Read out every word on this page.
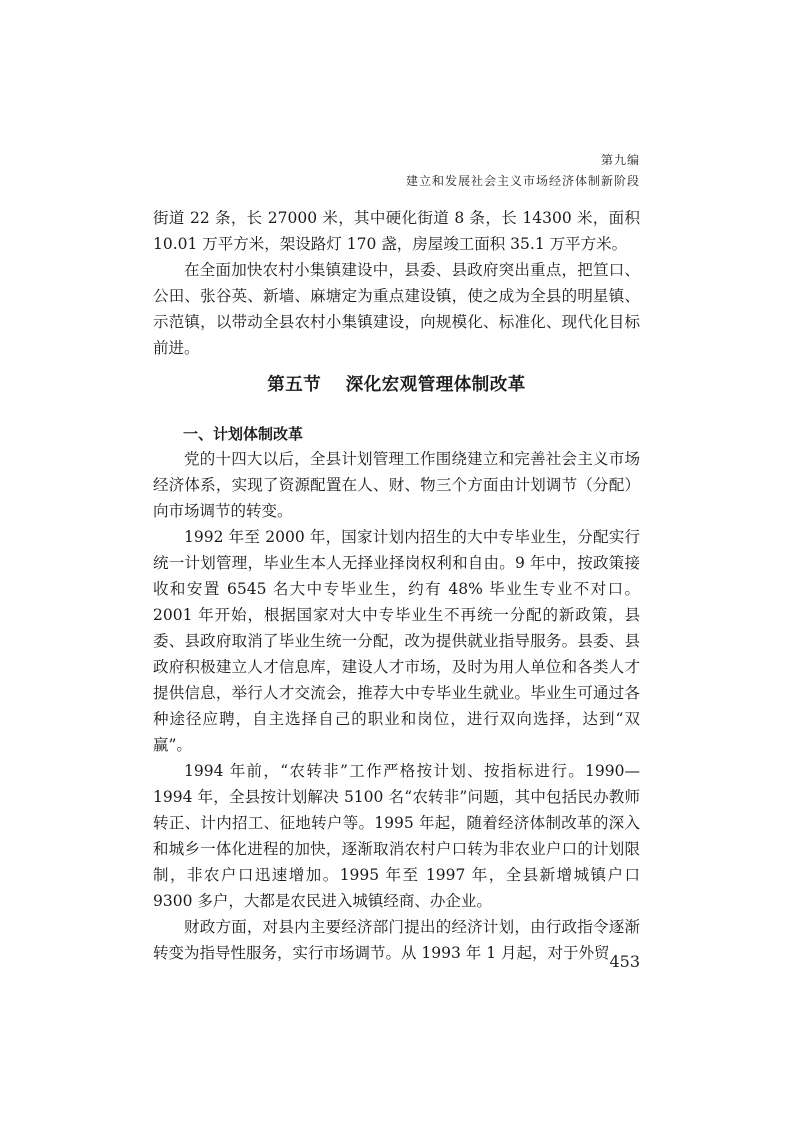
第九编
建立和发展社会主义市场经济体制新阶段

街道 22 条，长 27000 米，其中硬化街道 8 条，长 14300 米，面积 10.01 万平方米，架设路灯 170 盏，房屋竣工面积 35.1 万平方米。

在全面加快农村小集镇建设中，县委、县政府突出重点，把笪口、公田、张谷英、新墙、麻塘定为重点建设镇，使之成为全县的明星镇、示范镇，以带动全县农村小集镇建设，向规模化、标准化、现代化目标前进。

第五节 深化宏观管理体制改革
一、计划体制改革

党的十四大以后，全县计划管理工作围绕建立和完善社会主义市场经济体系，实现了资源配置在人、财、物三个方面由计划调节（分配）向市场调节的转变。

1992 年至 2000 年，国家计划内招生的大中专毕业生，分配实行统一计划管理，毕业生本人无择业择岗权利和自由。9 年中，按政策接收和安置 6545 名大中专毕业生，约有 48% 毕业生专业不对口。2001 年开始，根据国家对大中专毕业生不再统一分配的新政策，县委、县政府取消了毕业生统一分配，改为提供就业指导服务。县委、县政府积极建立人才信息库，建设人才市场，及时为用人单位和各类人才提供信息，举行人才交流会，推荐大中专毕业生就业。毕业生可通过各种途径应聘，自主选择自己的职业和岗位，进行双向选择，达到“双赢”。

1994 年前，“农转非”工作严格按计划、按指标进行。1990—1994 年，全县按计划解决 5100 名“农转非”问题，其中包括民办教师转正、计内招工、征地转户等。1995 年起，随着经济体制改革的深入和城乡一体化进程的加快，逐渐取消农村户口转为非农业户口的计划限制，非农户口迅速增加。1995 年至 1997 年，全县新增城镇户口 9300 多户，大都是农民进入城镇经商、办企业。

财政方面，对县内主要经济部门提出的经济计划，由行政指令逐渐转变为指导性服务，实行市场调节。从 1993 年 1 月起，对于外贸 453
